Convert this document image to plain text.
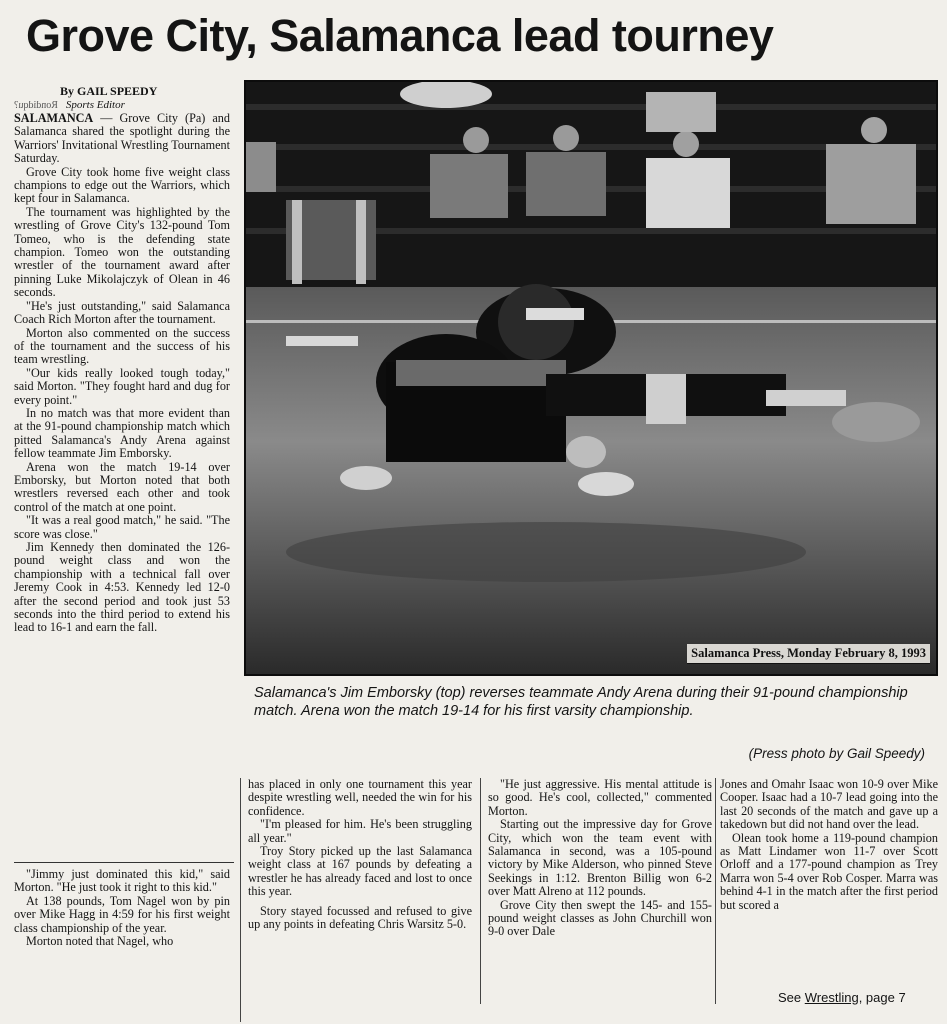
Grove City, Salamanca lead tourney
By GAIL SPEEDY
Rondidqu? Sports Editor

SALAMANCA — Grove City (Pa) and Salamanca shared the spotlight during the Warriors' Invitational Wrestling Tournament Saturday.

Grove City took home five weight class champions to edge out the Warriors, which kept four in Salamanca.

The tournament was highlighted by the wrestling of Grove City's 132-pound Tom Tomeo, who is the defending state champion. Tomeo won the outstanding wrestler of the tournament award after pinning Luke Mikolajczyk of Olean in 46 seconds.

"He's just outstanding," said Salamanca Coach Rich Morton after the tournament.

Morton also commented on the success of the tournament and the success of his team wrestling.

"Our kids really looked tough today," said Morton. "They fought hard and dug for every point."

In no match was that more evident than at the 91-pound championship match which pitted Salamanca's Andy Arena against fellow teammate Jim Emborsky.

Arena won the match 19-14 over Emborsky, but Morton noted that both wrestlers reversed each other and took control of the match at one point.

"It was a real good match," he said. "The score was close."

Jim Kennedy then dominated the 126-pound weight class and won the championship with a technical fall over Jeremy Cook in 4:53. Kennedy led 12-0 after the second period and took just 53 seconds into the third period to extend his lead to 16-1 and earn the fall.

"Jimmy just dominated this kid," said Morton. "He just took it right to this kid."

At 138 pounds, Tom Nagel won by pin over Mike Hagg in 4:59 for his first weight class championship of the year.

Morton noted that Nagel, who

Salamanca Press, Monday February 8, 1993

Salamanca's Jim Emborsky (top) reverses teammate Andy Arena during their 91-pound championship match. Arena won the match 19-14 for his first varsity championship.

(Press photo by Gail Speedy)

has placed in only one tournament this year despite wrestling well, needed the win for his confidence.

"I'm pleased for him. He's been struggling all year."

Troy Story picked up the last Salamanca weight class at 167 pounds by defeating a wrestler he has already faced and lost to once this year.

Story stayed focussed and refused to give up any points in defeating Chris Warsitz 5-0.

"He just aggressive. His mental attitude is so good. He's cool, collected," commented Morton.

Starting out the impressive day for Grove City, which won the team event with Salamanca in second, was a 105-pound victory by Mike Alderson, who pinned Steve Seekings in 1:12. Brenton Billig won 6-2 over Matt Alreno at 112 pounds.

Grove City then swept the 145- and 155-pound weight classes as John Churchill won 9-0 over Dale

Jones and Omahr Isaac won 10-9 over Mike Cooper. Isaac had a 10-7 lead going into the last 20 seconds of the match and gave up a takedown but did not hand over the lead.

Olean took home a 119-pound champion as Matt Lindamer won 11-7 over Scott Orloff and a 177-pound champion as Trey Marra won 5-4 over Rob Cosper. Marra was behind 4-1 in the match after the first period but scored a

See Wrestling, page 7
